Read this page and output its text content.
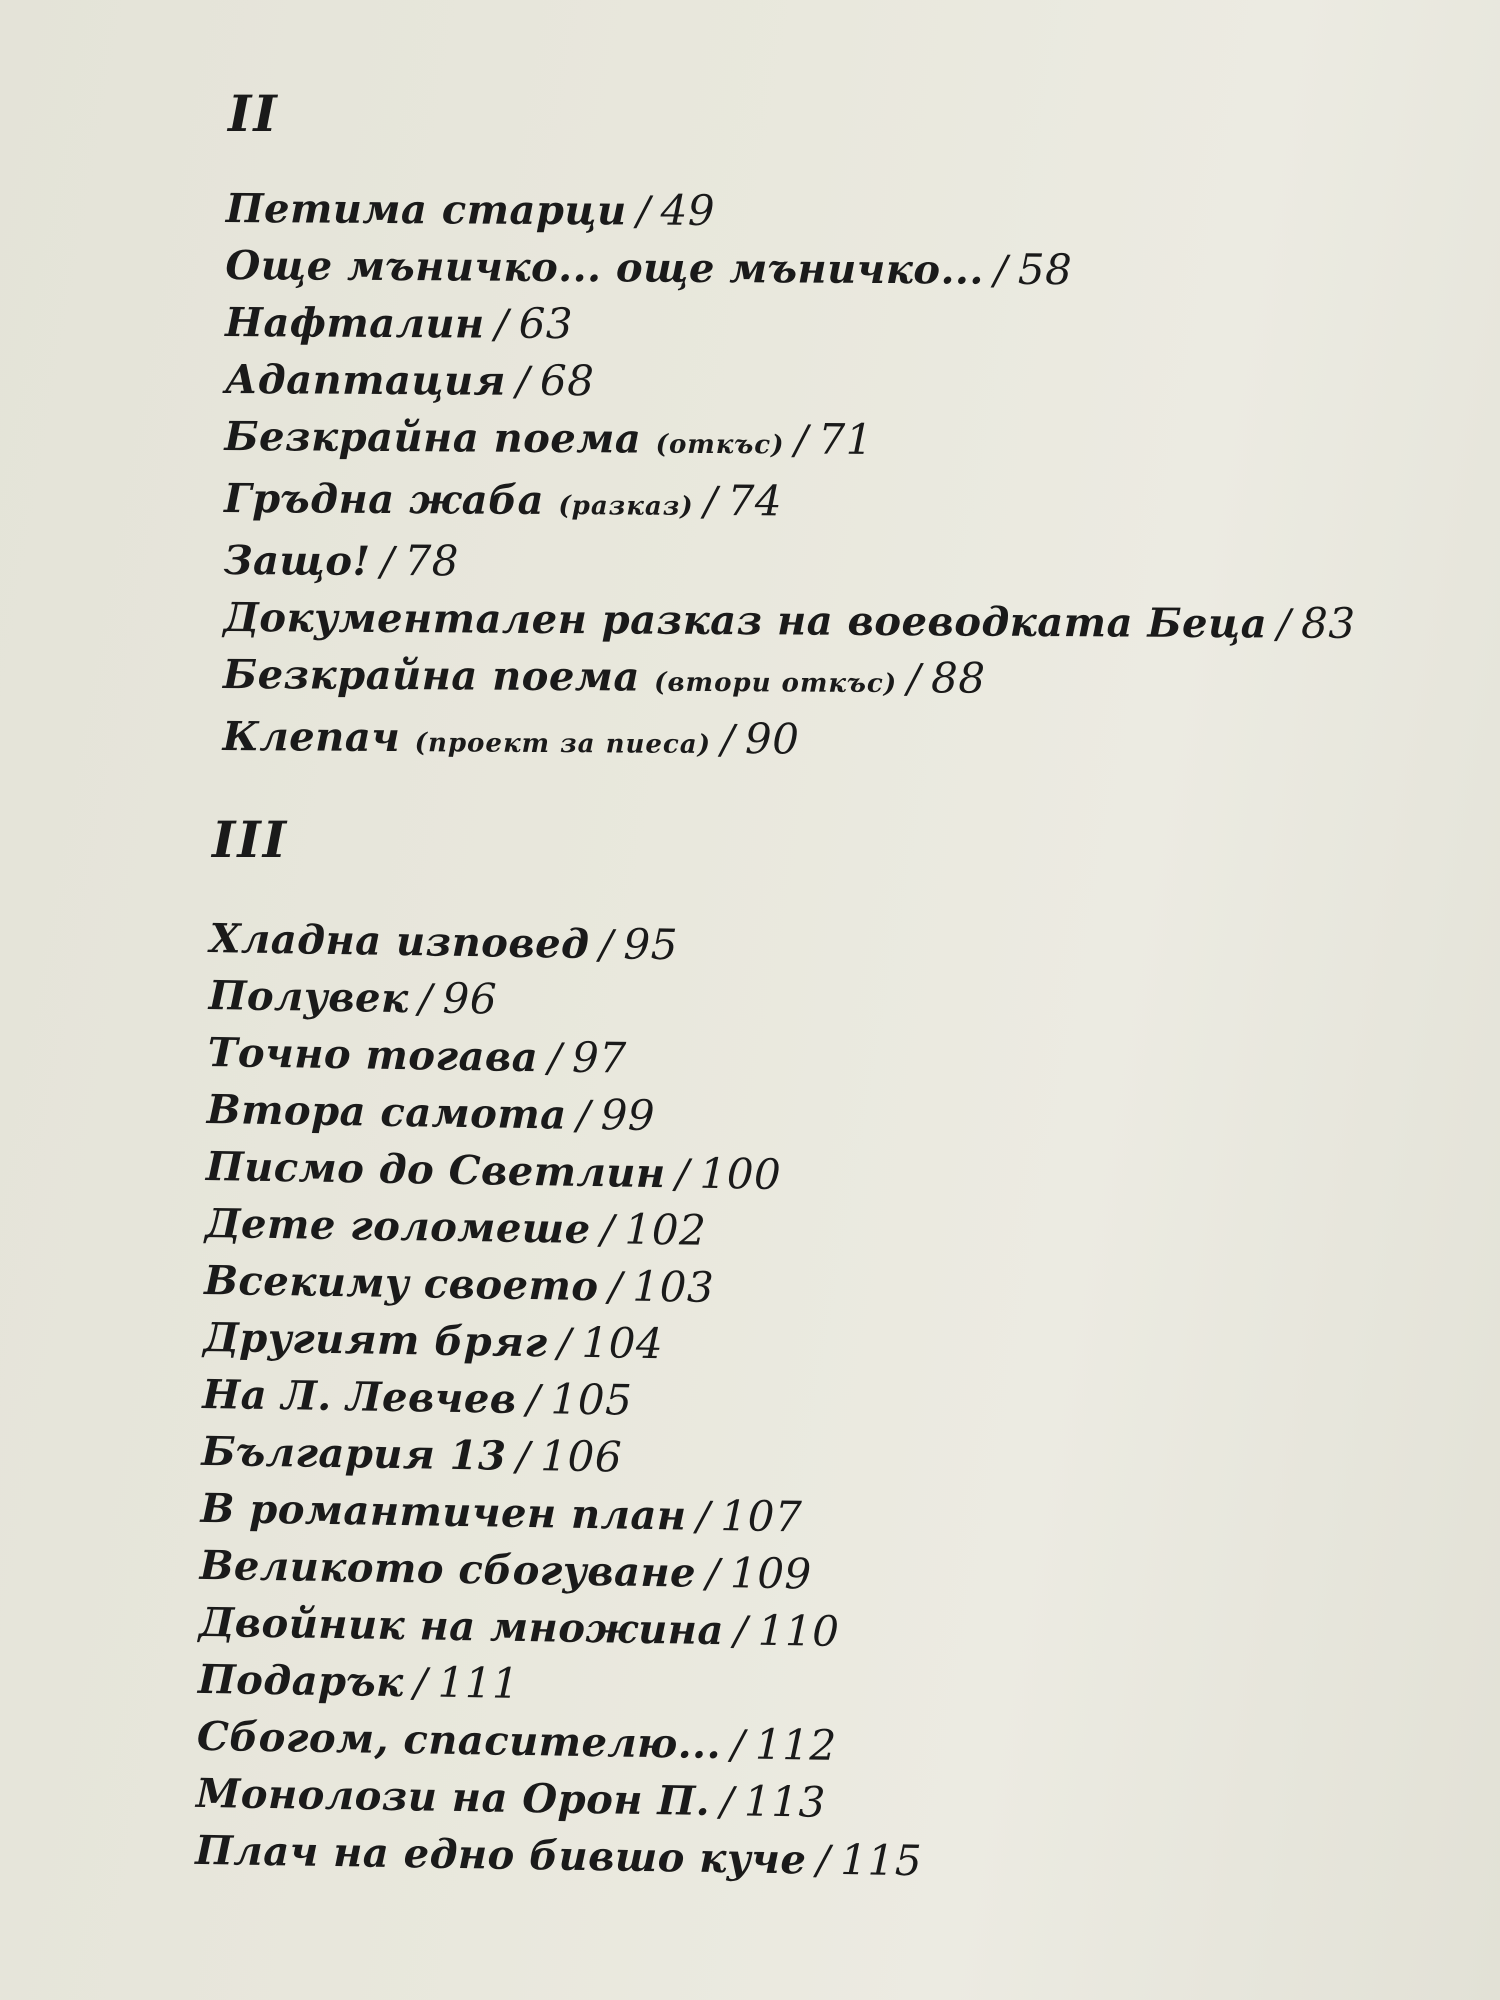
II
Петима старци / 49
Още мъничко... още мъничко... / 58
Нафталин / 63
Адаптация / 68
Безкрайна поема (откъс) / 71
Гръдна жаба (разказ) / 74
Защо! / 78
Документален разказ на воеводката Беца / 83
Безкрайна поема (втори откъс) / 88
Клепач (проект за пиеса) / 90
III
Хладна изповед / 95
Полувек / 96
Точно тогава / 97
Втора самота / 99
Писмо до Светлин / 100
Дете голомеше / 102
Всекиму своето / 103
Другият бряг / 104
На Л. Левчев / 105
България 13 / 106
В романтичен план / 107
Великото сбогуване / 109
Двойник на множина / 110
Подарък / 111
Сбогом, спасителю... / 112
Монолози на Орон П. / 113
Плач на едно бившо куче / 115
